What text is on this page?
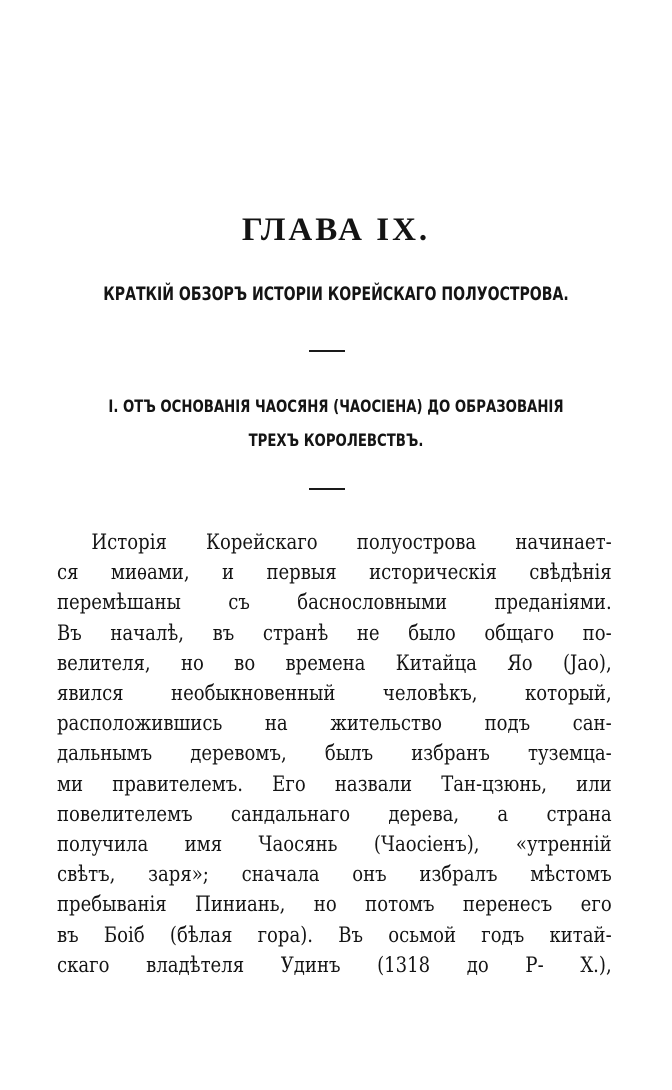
ГЛАВА IX.
КРАТКІЙ ОБЗОРЪ ИСТОРІИ КОРЕЙСКАГО ПОЛУОСТРОВА.
I. ОТЪ ОСНОВАНІЯ ЧАОСЯНЯ (ЧАОСІЕНА) ДО ОБРАЗОВАНІЯ
ТРЕХЪ КОРОЛЕВСТВЪ.
Исторія Корейскаго полуострова начинает-
ся миѳами, и первыя историческія свѣдѣнія
перемѣшаны съ баснословными преданіями.
Въ началѣ, въ странѣ не было общаго по-
велителя, но во времена Китайца Яо (Јао),
явился необыкновенный человѣкъ, который,
расположившись на жительство подъ сан-
дальнымъ деревомъ, былъ избранъ туземца-
ми правителемъ. Его назвали Тан-цзюнь, или
повелителемъ сандальнаго дерева, а страна
получила имя Чаосянь (Чаосіенъ), «утренній
свѣтъ, заря»; сначала онъ избралъ мѣстомъ
пребыванія Пиниань, но потомъ перенесъ его
въ Боіб (бѣлая гора). Въ осьмой годъ китай-
скаго владѣтеля Удинъ (1318 до Р- Х.),
